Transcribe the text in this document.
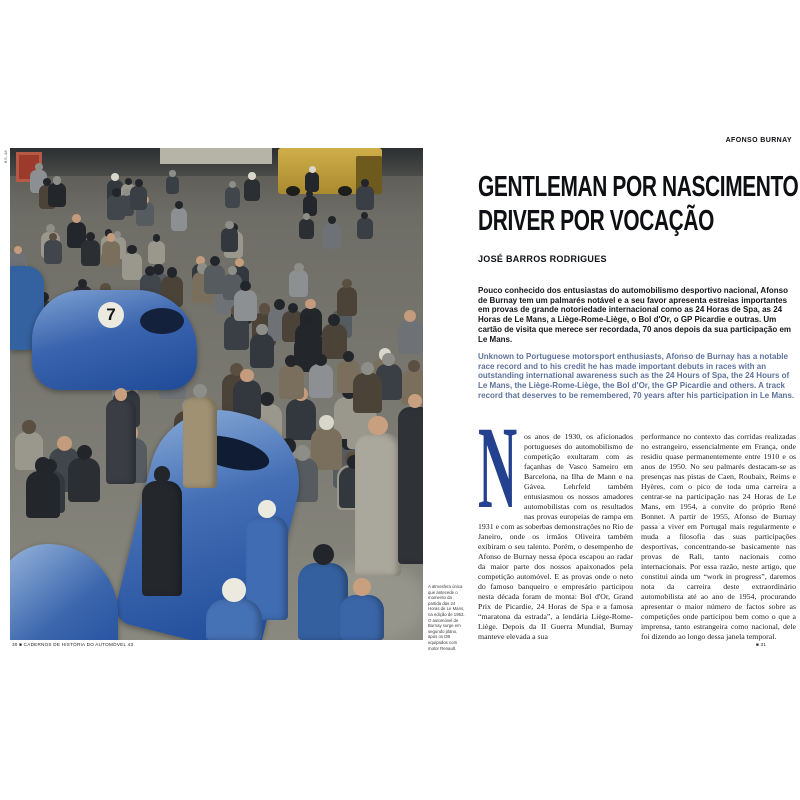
7
BS-48
A atmosfera única que antecede o momento da partida das 24 Horas de Le Mans, na edição de 1953. O automóvel de Burnay surge em segundo plano, após os DB equipados com motor Renault.
30 ■ CADERNOS DE HISTÓRIA DO AUTOMÓVEL 43
AFONSO BURNAY
GENTLEMAN POR NASCIMENTO
DRIVER POR VOCAÇÃO
JOSÉ BARROS RODRIGUES
Pouco conhecido dos entusiastas do automobilismo desportivo nacional, Afonso de Burnay tem um palmarés notável e a seu favor apresenta estreias importantes em provas de grande notoriedade internacional como as 24 Horas de Spa, as 24 Horas de Le Mans, a Liège-Rome-Liège, o Bol d'Or, o GP Picardie e outras. Um cartão de visita que merece ser recordada, 70 anos depois da sua participação em Le Mans.
Unknown to Portuguese motorsport enthusiasts, Afonso de Burnay has a notable race record and to his credit he has made important debuts in races with an outstanding international awareness such as the 24 Hours of Spa, the 24 Hours of Le Mans, the Liège-Rome-Liège, the Bol d'Or, the GP Picardie and others. A track record that deserves to be remembered, 70 years after his participation in Le Mans.
N os anos de 1930, os aficionados portugueses do automobilismo de competição exultaram com as façanhas de Vasco Sameiro em Barcelona, na Ilha de Mann e na Gávea. Lehrfeld também entusiasmou os nossos amadores automobilistas com os resultados nas provas europeias de rampa em 1931 e com as soberbas demonstrações no Rio de Janeiro, onde os irmãos Oliveira também exibiram o seu talento. Porém, o desempenho de Afonso de Burnay nessa época escapou ao radar da maior parte dos nossos apaixonados pela competição automóvel. E as provas onde o neto do famoso banqueiro e empresário participou nesta década foram de monta: Bol d'Or, Grand Prix de Picardie, 24 Horas de Spa e a famosa “maratona da estrada”, a lendária Liège-Rome-Liège. Depois da II Guerra Mundial, Burnay manteve elevada a sua
performance no contexto das corridas realizadas no estrangeiro, essencialmente em França, onde residiu quase permanentemente entre 1910 e os anos de 1950. No seu palmarés destacam-se as presenças nas pistas de Caen, Roubaix, Reims e Hyères, com o pico de toda uma carreira a centrar-se na participação nas 24 Horas de Le Mans, em 1954, a convite do próprio René Bonnet. A partir de 1955, Afonso de Burnay passa a viver em Portugal mais regularmente e muda a filosofia das suas participações desportivas, concentrando-se basicamente nas provas de Rali, tanto nacionais como internacionais. Por essa razão, neste artigo, que constitui ainda um “work in progress”, daremos nota da carreira deste extraordinário automobilista até ao ano de 1954, procurando apresentar o maior número de factos sobre as competições onde participou bem como o que a imprensa, tanto estrangeira como nacional, dele foi dizendo ao longo dessa janela temporal.
■ 31
